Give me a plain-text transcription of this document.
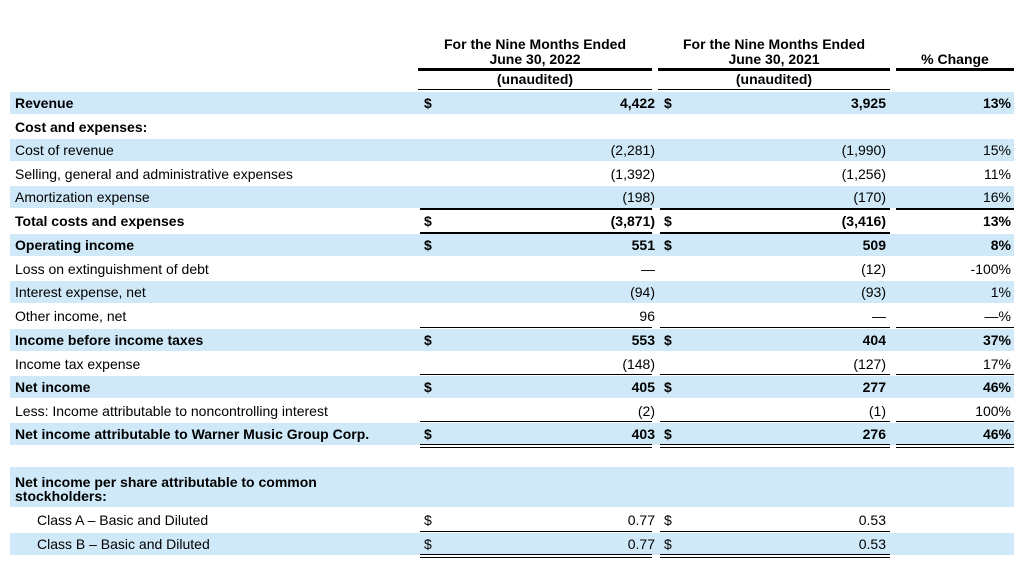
For the Nine Months Ended
June 30, 2022
(unaudited)
For the Nine Months Ended
June 30, 2021
(unaudited)
% Change
Revenue	$	4,422 $	3,925	13%
Cost and expenses:
Cost of revenue	(2,281)	(1,990)	15%
Selling, general and administrative expenses	(1,392)	(1,256)	11%
Amortization expense	(198)	(170)	16%
Total costs and expenses	$	(3,871) $	(3,416)	13%
Operating income	$	551 $	509	8%
Loss on extinguishment of debt	—	(12)	-100%
Interest expense, net	(94)	(93)	1%
Other income, net	96	—	—%
Income before income taxes	$	553 $	404	37%
Income tax expense	(148)	(127)	17%
Net income	$	405 $	277	46%
Less: Income attributable to noncontrolling interest	(2)	(1)	100%
Net income attributable to Warner Music Group Corp.	$	403 $	276	46%
Net income per share attributable to common stockholders:
Class A – Basic and Diluted	$	0.77 $	0.53
Class B – Basic and Diluted	$	0.77 $	0.53
